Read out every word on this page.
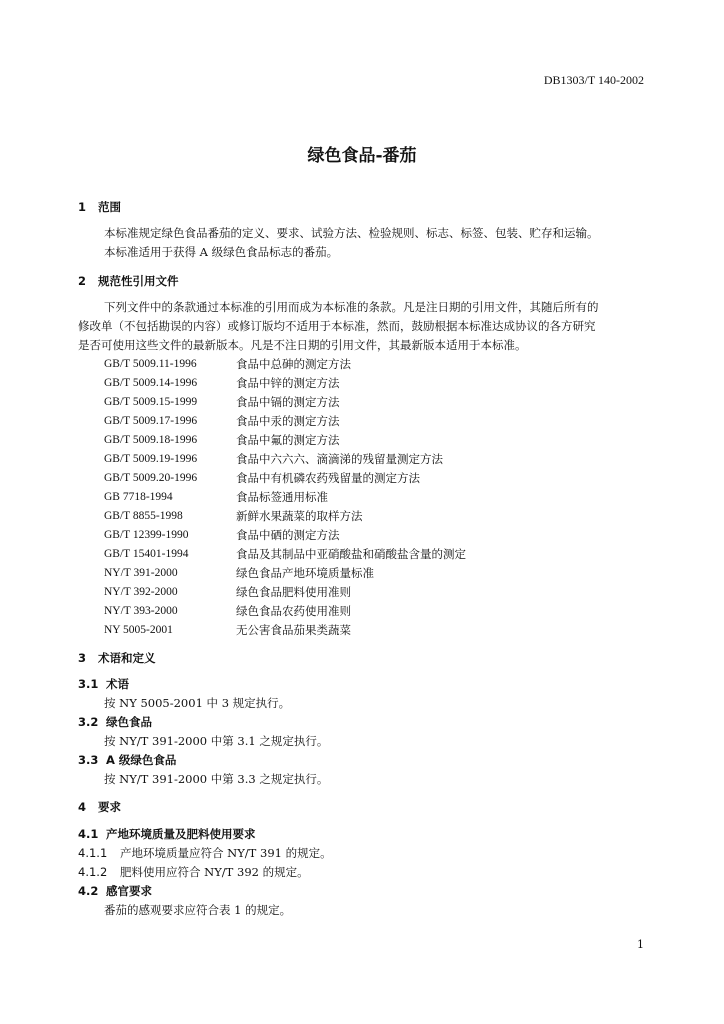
DB1303/T 140-2002
绿色食品-番茄
1 范围
本标准规定绿色食品番茄的定义、要求、试验方法、检验规则、标志、标签、包装、贮存和运输。
本标准适用于获得 A 级绿色食品标志的番茄。
2 规范性引用文件
下列文件中的条款通过本标准的引用而成为本标准的条款。凡是注日期的引用文件，其随后所有的
修改单（不包括勘误的内容）或修订版均不适用于本标准，然而，鼓励根据本标准达成协议的各方研究
是否可使用这些文件的最新版本。凡是不注日期的引用文件，其最新版本适用于本标准。
GB/T 5009.11-1996	食品中总砷的测定方法
GB/T 5009.14-1996	食品中锌的测定方法
GB/T 5009.15-1999	食品中镉的测定方法
GB/T 5009.17-1996	食品中汞的测定方法
GB/T 5009.18-1996	食品中氟的测定方法
GB/T 5009.19-1996	食品中六六六、滴滴涕的残留量测定方法
GB/T 5009.20-1996	食品中有机磷农药残留量的测定方法
GB 7718-1994	食品标签通用标准
GB/T 8855-1998	新鲜水果蔬菜的取样方法
GB/T 12399-1990	食品中硒的测定方法
GB/T 15401-1994	食品及其制品中亚硝酸盐和硝酸盐含量的测定
NY/T 391-2000	绿色食品产地环境质量标准
NY/T 392-2000	绿色食品肥料使用准则
NY/T 393-2000	绿色食品农药使用准则
NY 5005-2001	无公害食品茄果类蔬菜
3 术语和定义
3.1 术语
按 NY 5005-2001 中 3 规定执行。
3.2 绿色食品
按 NY/T 391-2000 中第 3.1 之规定执行。
3.3 A 级绿色食品
按 NY/T 391-2000 中第 3.3 之规定执行。
4 要求
4.1 产地环境质量及肥料使用要求
4.1.1 产地环境质量应符合 NY/T 391 的规定。
4.1.2 肥料使用应符合 NY/T 392 的规定。
4.2 感官要求
番茄的感观要求应符合表 1 的规定。
1
